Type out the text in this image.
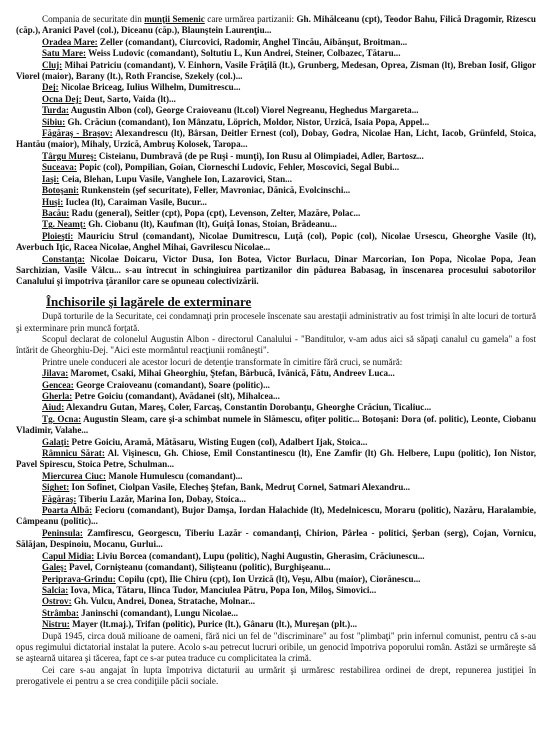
Compania de securitate din munţii Semenic care urmărea partizanii: Gh. Mihălceanu (cpt), Teodor Bahu, Filică Dragomir, Rizescu (căp.), Aranici Pavel (col.), Diceanu (căp.), Blaunştein Laurenţiu...

Oradea Mare: Zeller (comandant), Ciurcovici, Radomir, Anghel Tincău, Aibănşut, Broitman...

Satu Mare: Weiss Ludovic (comandant), Soltutiu L, Kun Andrei, Steiner, Colbazec, Tătaru...

Cluj: Mihai Patriciu (comandant), V. Einhorn, Vasile Frăţilă (lt.), Grunberg, Medesan, Oprea, Zisman (lt), Breban Iosif, Gligor Viorel (maior), Barany (lt.), Roth Francise, Szekely (col.)...

Dej: Nicolae Briceag, Iulius Wilhelm, Dumitrescu...

Ocna Dej: Deut, Sarto, Vaida (lt)...

Turda: Augustin Albon (col), George Craioveanu (lt.col) Viorel Negreanu, Heghedus Margareta...

Sibiu: Gh. Crăciun (comandant), Ion Mânzatu, Löprich, Moldor, Nistor, Urzică, Isaia Popa, Appel...

Făgăraş - Braşov: Alexandrescu (lt), Bârsan, Deitler Ernest (col), Dobay, Godra, Nicolae Han, Licht, Iacob, Grünfeld, Stoica, Hantău (maior), Mihaly, Urzică, Ambruş Kolosek, Taropa...

Târgu Mureş: Cisteianu, Dumbravă (de pe Ruşi - munţi), Ion Rusu al Olimpiadei, Adler, Bartosz...

Suceava: Popic (col), Pompilian, Goian, Ciorneschi Ludovic, Fehler, Moscovici, Segal Bubi...

Iaşi: Ceia, Blehan, Lupu Vasile, Vanghele Ion, Lazarovici, Stan...

Botoşani: Runkenstein (şef securitate), Feller, Mavroniac, Dănică, Evolcinschi...

Huşi: Iuclea (lt), Caraiman Vasile, Bucur...

Bacău: Radu (general), Seitler (cpt), Popa (cpt), Levenson, Zelter, Mazăre, Polac...

Tg. Neamţ: Gh. Ciobanu (lt), Kaufman (lt), Guiţă Ionas, Stoian, Brădeanu...

Ploieşti: Mauriciu Strul (comandant), Nicolae Dumitrescu, Luţă (col), Popic (col), Nicolae Ursescu, Gheorghe Vasile (lt), Averbuch Iţic, Racea Nicolae, Anghel Mihai, Gavrilescu Nicolae...

Constanţa: Nicolae Doicaru, Victor Dusa, Ion Botea, Victor Burlacu, Dinar Marcorian, Ion Popa, Nicolae Popa, Jean Sarchizian, Vasile Vâlcu... s-au întrecut în schingiuirea partizanilor din pădurea Babasag, în înscenarea procesului sabotorilor Canalului şi împotriva ţăranilor care se opuneau colectivizării.

Închisorile şi lagărele de exterminare

După torturile de la Securitate, cei condamnaţi prin procesele înscenate sau arestaţii administrativ au fost trimişi în alte locuri de tortură şi exterminare prin muncă forţată.

Scopul declarat de colonelul Augustin Albon - directorul Canalului - "Banditulor, v-am adus aici să săpaţi canalul cu gamela" a fost întărit de Gheorghiu-Dej. "Aici este mormântul reacţiunii româneşti".

Printre unele conduceri ale acestor locuri de detenţie transformate în cimitire fără cruci, se numără:

Jilava: Maromet, Csaki, Mihai Gheorghiu, Ştefan, Bărbucă, Ivănică, Fătu, Andreev Luca...

Gencea: George Craioveanu (comandant), Soare (politic)...

Gherla: Petre Goiciu (comandant), Avădanei (slt), Mihalcea...

Aiud: Alexandru Gutan, Mareş, Coler, Farcaş, Constantin Dorobanţu, Gheorghe Crăciun, Ticaliuc...

Tg. Ocna: Augustin Sleam, care şi-a schimbat numele în Slămescu, ofiţer politic... Botoşani: Dora (of. politic), Leonte, Ciobanu Vladimir, Valahe...

Galaţi: Petre Goiciu, Aramă, Mătăsaru, Wisting Eugen (col), Adalbert Ijak, Stoica...

Râmnicu Sărat: Al. Vişinescu, Gh. Chiose, Emil Constantinescu (lt), Ene Zamfir (lt) Gh. Helbere, Lupu (politic), Ion Nistor, Pavel Spirescu, Stoica Petre, Schulman...

Miercurea Ciuc: Manole Humulescu (comandant)...

Sighet: Ion Sofinet, Ciolpan Vasile, Elecheş Ştefan, Bank, Medruţ Cornel, Satmari Alexandru...

Făgăraş: Tiberiu Lazăr, Marina Ion, Dobay, Stoica...

Poarta Albă: Fecioru (comandant), Bujor Damşa, Iordan Halachide (lt), Medelnicescu, Moraru (politic), Nazăru, Haralambie, Câmpeanu (politic)...

Peninsula: Zamfirescu, Georgescu, Tiberiu Lazăr - comandanţi, Chirion, Pârlea - politici, Şerban (serg), Cojan, Vornicu, Sălăjan, Despinoiu, Mocanu, Gurlui...

Capul Midia: Liviu Borcea (comandant), Lupu (politic), Naghi Augustin, Gherasim, Crăciunescu...

Galeş: Pavel, Cornişteanu (comandant), Silişteanu (politic), Burghişeanu...

Periprava-Grindu: Copilu (cpt), Ilie Chiru (cpt), Ion Urzică (lt), Veşu, Albu (maior), Ciorănescu...

Salcia: Iova, Mica, Tătaru, Ilinca Tudor, Manciulea Pătru, Popa Ion, Miloş, Simovici...

Ostrov: Gh. Vulcu, Andrei, Donea, Stratache, Molnar...

Strâmba: Janinschi (comandant), Lungu Nicolae...

Nistru: Mayer (lt.maj.), Trifan (politic), Purice (lt.), Gânaru (lt.), Mureşan (plt.)...

După 1945, circa două milioane de oameni, fără nici un fel de "discriminare" au fost "plimbaţi" prin infernul comunist, pentru că s-au opus regimului dictatorial instalat la putere. Acolo s-au petrecut lucruri oribile, un genocid împotriva poporului român. Astăzi se urmăreşte să se aştearnă uitarea şi tăcerea, fapt ce s-ar putea traduce cu complicitatea la crimă.

Cei care s-au angajat în lupta împotriva dictaturii au urmărit şi urmăresc restabilirea ordinei de drept, repunerea justiţiei în prerogativele ei pentru a se crea condiţiile păcii sociale.
